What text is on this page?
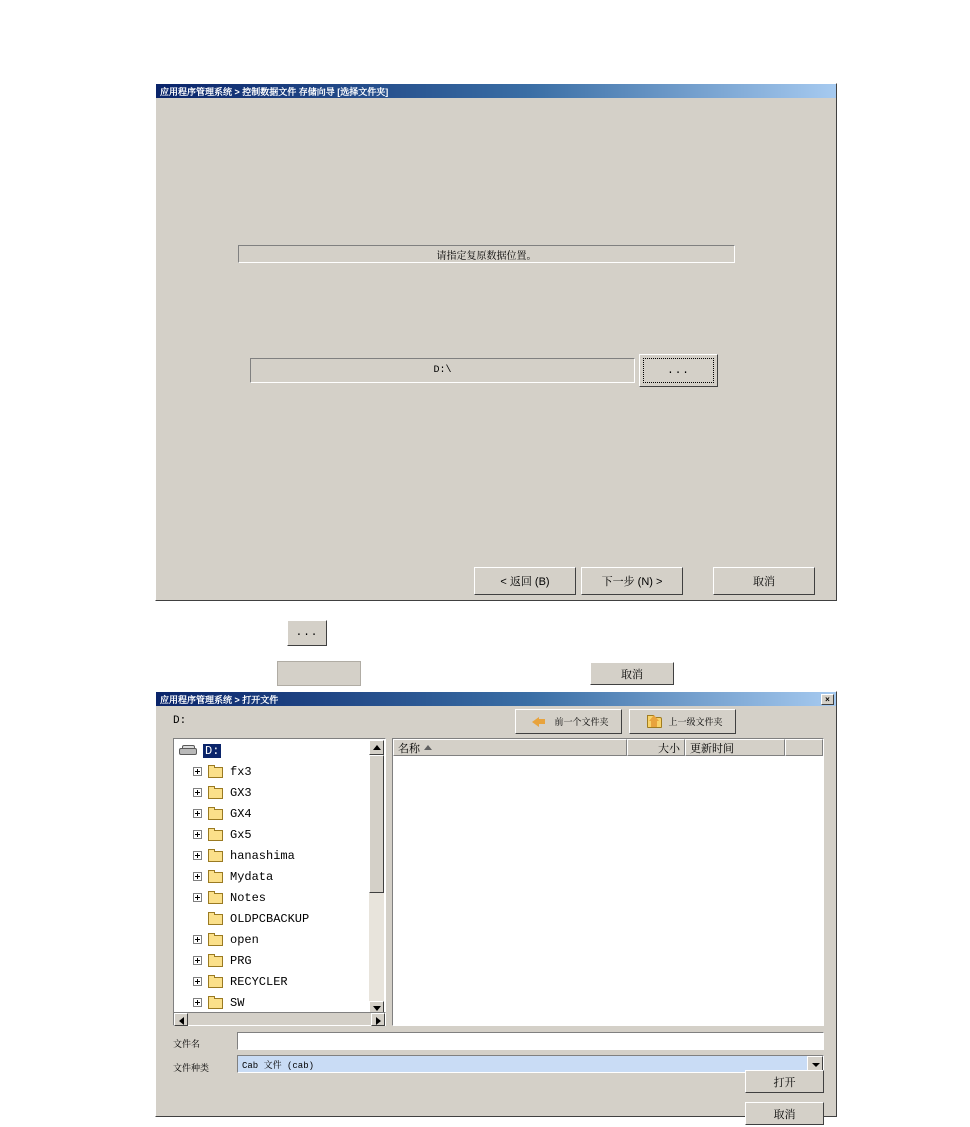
应用程序管理系统 > 控制数据文件 存储向导 [选择文件夹]
请指定复原数据位置。
D:\	...
< 返回 (B)	下一步 (N) >	取消
...
取消
应用程序管理系统 > 打开文件	×
D:	前一个文件夹	上一级文件夹
D:
fx3
GX3
GX4
Gx5
hanashima
Mydata
Notes
OLDPCBACKUP
open
PRG
RECYCLER
SW
名称	大小 更新时间
文件名
文件种类	Cab 文件 (cab)
打开
取消
